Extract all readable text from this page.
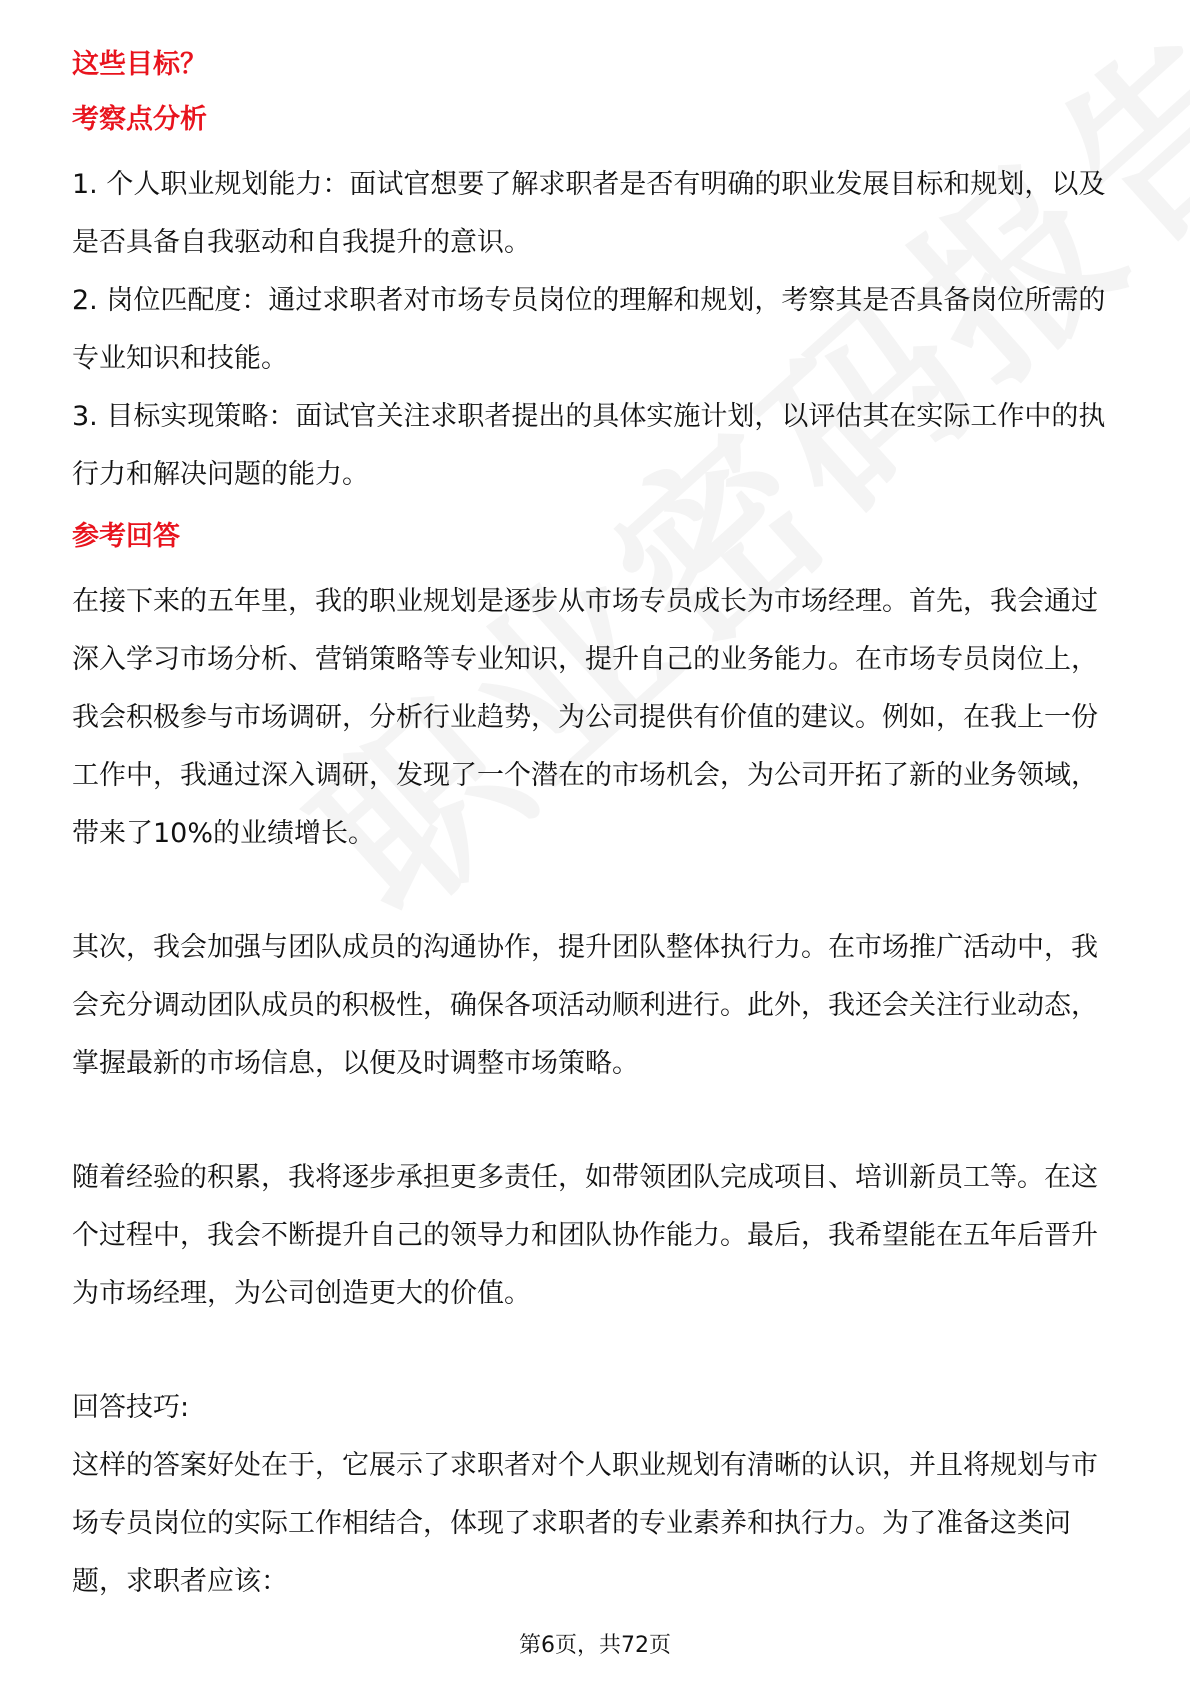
这些目标？
考察点分析

1. 个人职业规划能力：面试官想要了解求职者是否有明确的职业发展目标和规划，以及是否具备自我驱动和自我提升的意识。

2. 岗位匹配度：通过求职者对市场专员岗位的理解和规划，考察其是否具备岗位所需的专业知识和技能。

3. 目标实现策略：面试官关注求职者提出的具体实施计划，以评估其在实际工作中的执行力和解决问题的能力。

参考回答

在接下来的五年里，我的职业规划是逐步从市场专员成长为市场经理。首先，我会通过深入学习市场分析、营销策略等专业知识，提升自己的业务能力。在市场专员岗位上，我会积极参与市场调研，分析行业趋势，为公司提供有价值的建议。例如，在我上一份工作中，我通过深入调研，发现了一个潜在的市场机会，为公司开拓了新的业务领域，带来了10%的业绩增长。

其次，我会加强与团队成员的沟通协作，提升团队整体执行力。在市场推广活动中，我会充分调动团队成员的积极性，确保各项活动顺利进行。此外，我还会关注行业动态，掌握最新的市场信息，以便及时调整市场策略。

随着经验的积累，我将逐步承担更多责任，如带领团队完成项目、培训新员工等。在这个过程中，我会不断提升自己的领导力和团队协作能力。最后，我希望能在五年后晋升为市场经理，为公司创造更大的价值。

回答技巧:

这样的答案好处在于，它展示了求职者对个人职业规划有清晰的认识，并且将规划与市场专员岗位的实际工作相结合，体现了求职者的专业素养和执行力。为了准备这类问题，求职者应该：

第6页，共72页
